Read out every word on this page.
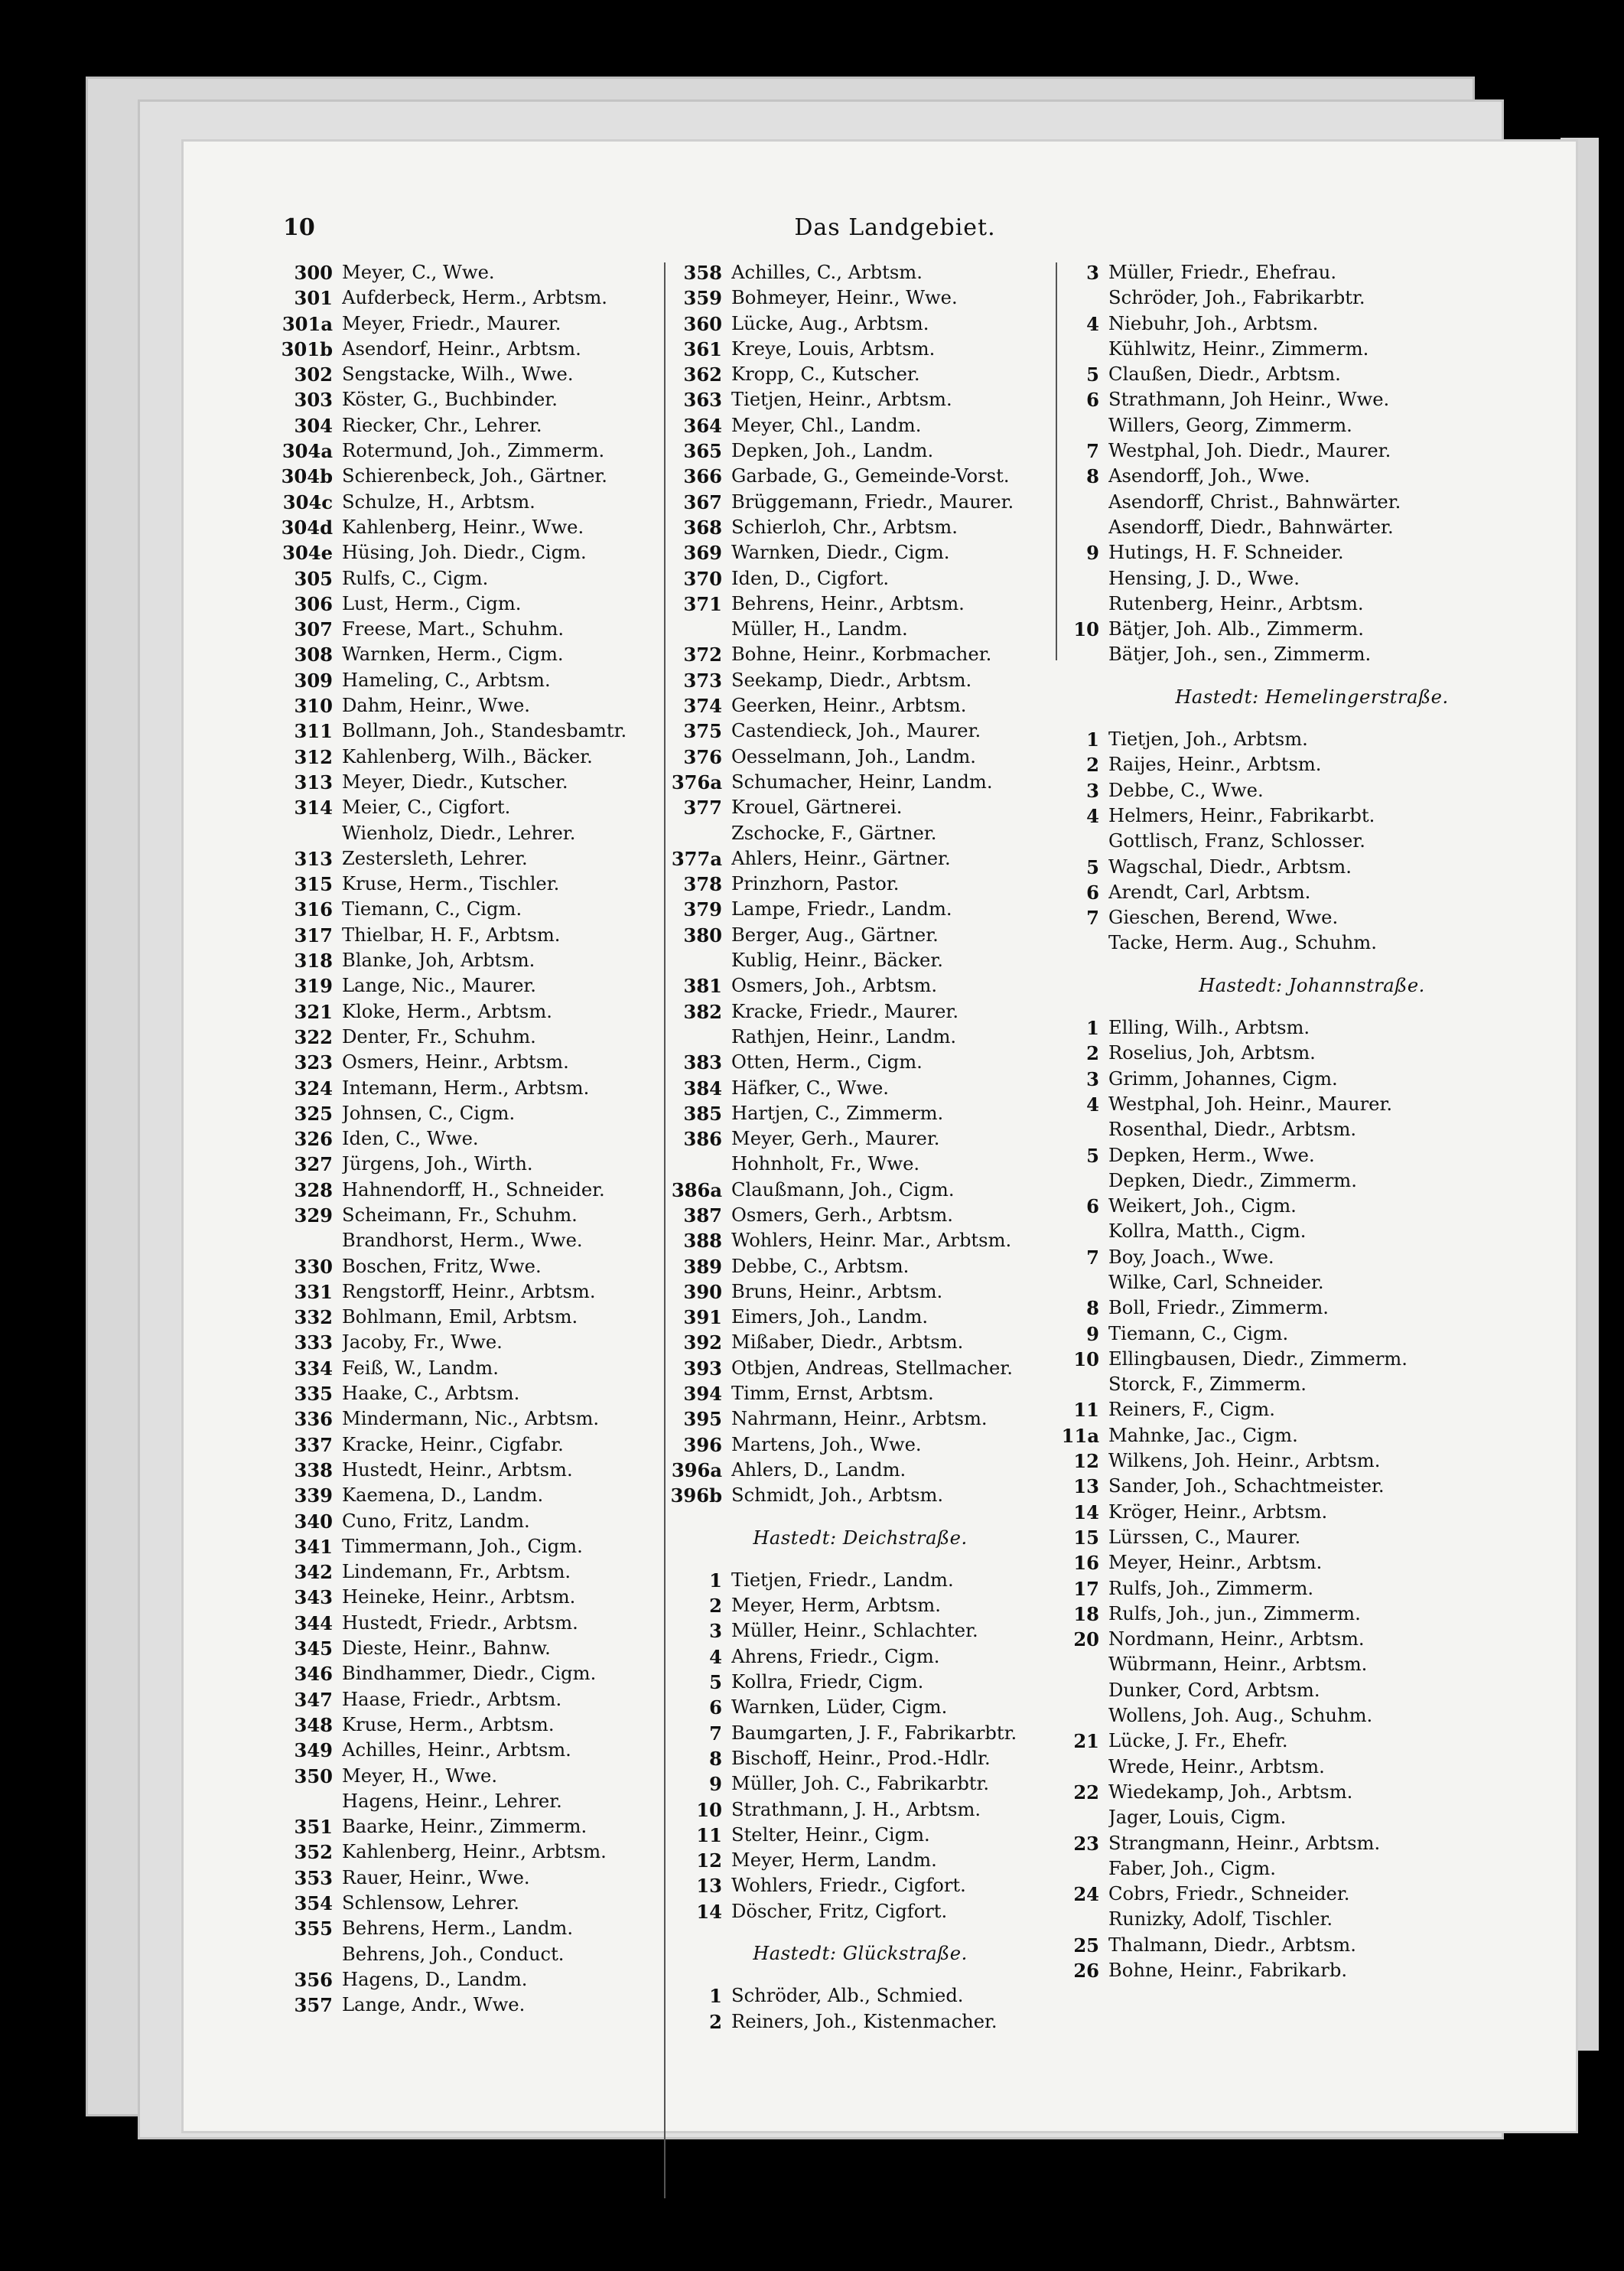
10	Das Landgebiet.
300 Meyer, C., Wwe.
301 Aufderbeck, Herm., Arbtsm.
301a Meyer, Friedr., Maurer.
301b Asendorf, Heinr., Arbtsm.
302 Sengstacke, Wilh., Wwe.
303 Köster, G., Buchbinder.
304 Riecker, Chr., Lehrer.
304a Rotermund, Joh., Zimmerm.
304b Schierenbeck, Joh., Gärtner.
304c Schulze, H., Arbtsm.
304d Kahlenberg, Heinr., Wwe.
304e Hüsing, Joh. Diedr., Cigm.
305 Rulfs, C., Cigm.
306 Lust, Herm., Cigm.
307 Freese, Mart., Schuhm.
308 Warnken, Herm., Cigm.
309 Hameling, C., Arbtsm.
310 Dahm, Heinr., Wwe.
311 Bollmann, Joh., Standesbamtr.
312 Kahlenberg, Wilh., Bäcker.
313 Meyer, Diedr., Kutscher.
314 Meier, C., Cigfort.
Wienholz, Diedr., Lehrer.
313 Zestersleth, Lehrer.
315 Kruse, Herm., Tischler.
316 Tiemann, C., Cigm.
317 Thielbar, H. F., Arbtsm.
318 Blanke, Joh, Arbtsm.
319 Lange, Nic., Maurer.
321 Kloke, Herm., Arbtsm.
322 Denter, Fr., Schuhm.
323 Osmers, Heinr., Arbtsm.
324 Intemann, Herm., Arbtsm.
325 Johnsen, C., Cigm.
326 Iden, C., Wwe.
327 Jürgens, Joh., Wirth.
328 Hahnendorff, H., Schneider.
329 Scheimann, Fr., Schuhm.
Brandhorst, Herm., Wwe.
330 Boschen, Fritz, Wwe.
331 Rengstorff, Heinr., Arbtsm.
332 Bohlmann, Emil, Arbtsm.
333 Jacoby, Fr., Wwe.
334 Feiß, W., Landm.
335 Haake, C., Arbtsm.
336 Mindermann, Nic., Arbtsm.
337 Kracke, Heinr., Cigfabr.
338 Hustedt, Heinr., Arbtsm.
339 Kaemena, D., Landm.
340 Cuno, Fritz, Landm.
341 Timmermann, Joh., Cigm.
342 Lindemann, Fr., Arbtsm.
343 Heineke, Heinr., Arbtsm.
344 Hustedt, Friedr., Arbtsm.
345 Dieste, Heinr., Bahnw.
346 Bindhammer, Diedr., Cigm.
347 Haase, Friedr., Arbtsm.
348 Kruse, Herm., Arbtsm.
349 Achilles, Heinr., Arbtsm.
350 Meyer, H., Wwe.
Hagens, Heinr., Lehrer.
351 Baarke, Heinr., Zimmerm.
352 Kahlenberg, Heinr., Arbtsm.
353 Rauer, Heinr., Wwe.
354 Schlensow, Lehrer.
355 Behrens, Herm., Landm.
Behrens, Joh., Conduct.
356 Hagens, D., Landm.
357 Lange, Andr., Wwe.
358 Achilles, C., Arbtsm.
359 Bohmeyer, Heinr., Wwe.
360 Lücke, Aug., Arbtsm.
361 Kreye, Louis, Arbtsm.
362 Kropp, C., Kutscher.
363 Tietjen, Heinr., Arbtsm.
364 Meyer, Chl., Landm.
365 Depken, Joh., Landm.
366 Garbade, G., Gemeinde-Vorst.
367 Brüggemann, Friedr., Maurer.
368 Schierloh, Chr., Arbtsm.
369 Warnken, Diedr., Cigm.
370 Iden, D., Cigfort.
371 Behrens, Heinr., Arbtsm.
Müller, H., Landm.
372 Bohne, Heinr., Korbmacher.
373 Seekamp, Diedr., Arbtsm.
374 Geerken, Heinr., Arbtsm.
375 Castendieck, Joh., Maurer.
376 Oesselmann, Joh., Landm.
376a Schumacher, Heinr, Landm.
377 Krouel, Gärtnerei.
Zschocke, F., Gärtner.
377a Ahlers, Heinr., Gärtner.
378 Prinzhorn, Pastor.
379 Lampe, Friedr., Landm.
380 Berger, Aug., Gärtner.
Kublig, Heinr., Bäcker.
381 Osmers, Joh., Arbtsm.
382 Kracke, Friedr., Maurer.
Rathjen, Heinr., Landm.
383 Otten, Herm., Cigm.
384 Häfker, C., Wwe.
385 Hartjen, C., Zimmerm.
386 Meyer, Gerh., Maurer.
Hohnholt, Fr., Wwe.
386a Claußmann, Joh., Cigm.
387 Osmers, Gerh., Arbtsm.
388 Wohlers, Heinr. Mar., Arbtsm.
389 Debbe, C., Arbtsm.
390 Bruns, Heinr., Arbtsm.
391 Eimers, Joh., Landm.
392 Mißaber, Diedr., Arbtsm.
393 Otbjen, Andreas, Stellmacher.
394 Timm, Ernst, Arbtsm.
395 Nahrmann, Heinr., Arbtsm.
396 Martens, Joh., Wwe.
396a Ahlers, D., Landm.
396b Schmidt, Joh., Arbtsm.
Hastedt: Deichstraße.
1 Tietjen, Friedr., Landm.
2 Meyer, Herm, Arbtsm.
3 Müller, Heinr., Schlachter.
4 Ahrens, Friedr., Cigm.
5 Kollra, Friedr, Cigm.
6 Warnken, Lüder, Cigm.
7 Baumgarten, J. F., Fabrikarbtr.
8 Bischoff, Heinr., Prod.-Hdlr.
9 Müller, Joh. C., Fabrikarbtr.
10 Strathmann, J. H., Arbtsm.
11 Stelter, Heinr., Cigm.
12 Meyer, Herm, Landm.
13 Wohlers, Friedr., Cigfort.
14 Döscher, Fritz, Cigfort.
Hastedt: Glückstraße.
1 Schröder, Alb., Schmied.
2 Reiners, Joh., Kistenmacher.
3 Müller, Friedr., Ehefrau.
Schröder, Joh., Fabrikarbtr.
4 Niebuhr, Joh., Arbtsm.
Kühlwitz, Heinr., Zimmerm.
5 Claußen, Diedr., Arbtsm.
6 Strathmann, Joh Heinr., Wwe.
Willers, Georg, Zimmerm.
7 Westphal, Joh. Diedr., Maurer.
8 Asendorff, Joh., Wwe.
Asendorff, Christ., Bahnwärter.
Asendorff, Diedr., Bahnwärter.
9 Hutings, H. F. Schneider.
Hensing, J. D., Wwe.
Rutenberg, Heinr., Arbtsm.
10 Bätjer, Joh. Alb., Zimmerm.
Bätjer, Joh., sen., Zimmerm.
Hastedt: Hemelingerstraße.
1 Tietjen, Joh., Arbtsm.
2 Raijes, Heinr., Arbtsm.
3 Debbe, C., Wwe.
4 Helmers, Heinr., Fabrikarbt.
Gottlisch, Franz, Schlosser.
5 Wagschal, Diedr., Arbtsm.
6 Arendt, Carl, Arbtsm.
7 Gieschen, Berend, Wwe.
Tacke, Herm. Aug., Schuhm.
Hastedt: Johannstraße.
1 Elling, Wilh., Arbtsm.
2 Roselius, Joh, Arbtsm.
3 Grimm, Johannes, Cigm.
4 Westphal, Joh. Heinr., Maurer.
Rosenthal, Diedr., Arbtsm.
5 Depken, Herm., Wwe.
Depken, Diedr., Zimmerm.
6 Weikert, Joh., Cigm.
Kollra, Matth., Cigm.
7 Boy, Joach., Wwe.
Wilke, Carl, Schneider.
8 Boll, Friedr., Zimmerm.
9 Tiemann, C., Cigm.
10 Ellingbausen, Diedr., Zimmerm.
Storck, F., Zimmerm.
11 Reiners, F., Cigm.
11a Mahnke, Jac., Cigm.
12 Wilkens, Joh. Heinr., Arbtsm.
13 Sander, Joh., Schachtmeister.
14 Kröger, Heinr., Arbtsm.
15 Lürssen, C., Maurer.
16 Meyer, Heinr., Arbtsm.
17 Rulfs, Joh., Zimmerm.
18 Rulfs, Joh., jun., Zimmerm.
20 Nordmann, Heinr., Arbtsm.
Wübrmann, Heinr., Arbtsm.
Dunker, Cord, Arbtsm.
Wollens, Joh. Aug., Schuhm.
21 Lücke, J. Fr., Ehefr.
Wrede, Heinr., Arbtsm.
22 Wiedekamp, Joh., Arbtsm.
Jager, Louis, Cigm.
23 Strangmann, Heinr., Arbtsm.
Faber, Joh., Cigm.
24 Cobrs, Friedr., Schneider.
Runizky, Adolf, Tischler.
25 Thalmann, Diedr., Arbtsm.
26 Bohne, Heinr., Fabrikarb.
